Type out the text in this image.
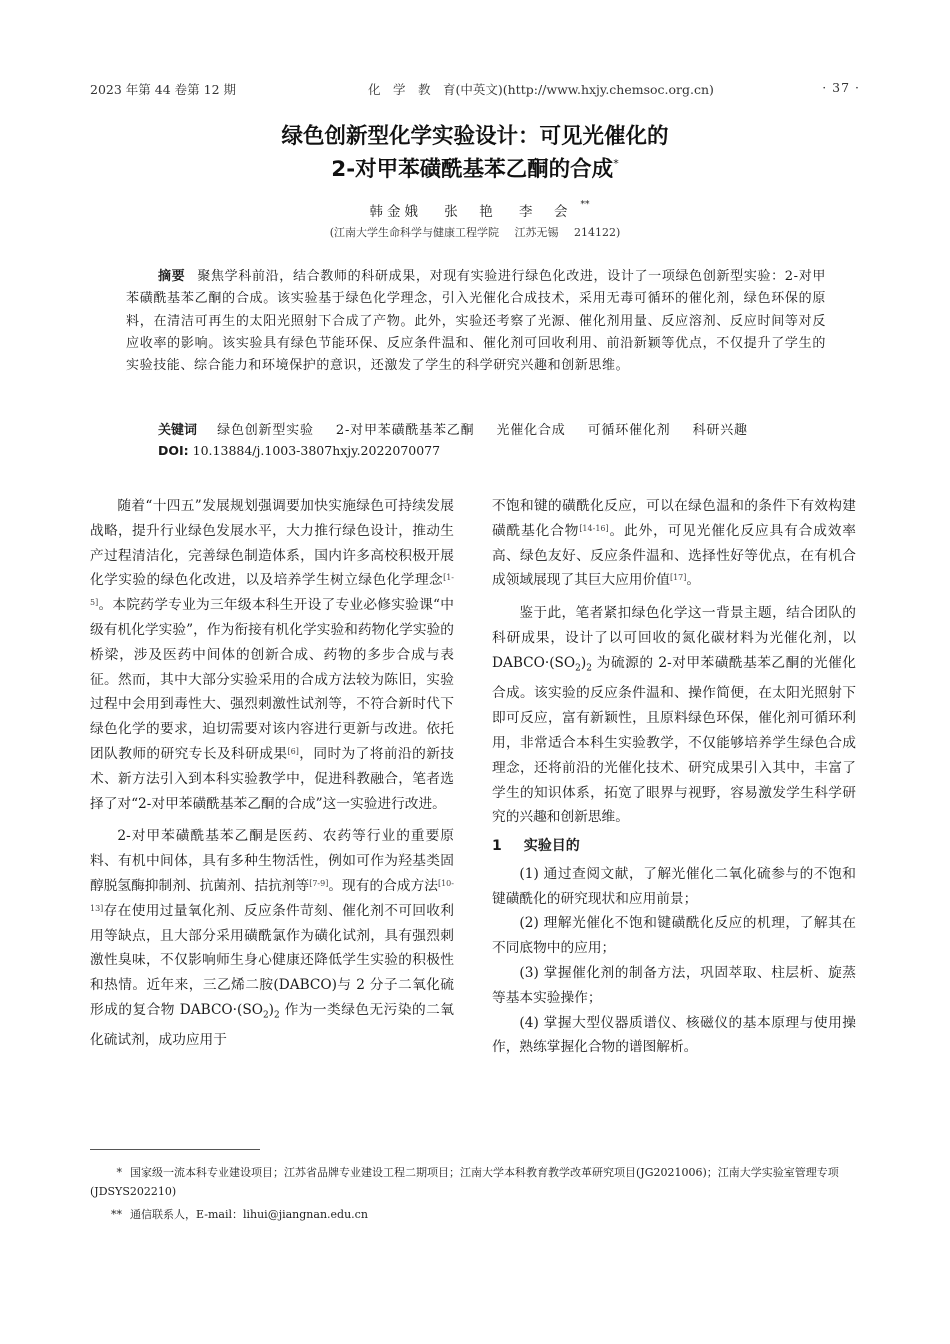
2023 年第 44 卷第 12 期	化　学　教　育(中英文)(http://www.hxjy.chemsoc.org.cn)	· 37 ·
绿色创新型化学实验设计：可见光催化的
2-对甲苯磺酰基苯乙酮的合成*
韩金娥 张　艳 李　会 **
(江南大学生命科学与健康工程学院 江苏无锡 214122)
摘要 聚焦学科前沿，结合教师的科研成果，对现有实验进行绿色化改进，设计了一项绿色创新型实验：2-对甲苯磺酰基苯乙酮的合成。该实验基于绿色化学理念，引入光催化合成技术，采用无毒可循环的催化剂，绿色环保的原料，在清洁可再生的太阳光照射下合成了产物。此外，实验还考察了光源、催化剂用量、反应溶剂、反应时间等对反应收率的影响。该实验具有绿色节能环保、反应条件温和、催化剂可回收利用、前沿新颖等优点，不仅提升了学生的实验技能、综合能力和环境保护的意识，还激发了学生的科学研究兴趣和创新思维。
关键词 绿色创新型实验 2-对甲苯磺酰基苯乙酮 光催化合成 可循环催化剂 科研兴趣
DOI: 10.13884/j.1003-3807hxjy.2022070077

随着“十四五”发展规划强调要加快实施绿色可持续发展战略，提升行业绿色发展水平，大力推行绿色设计，推动生产过程清洁化，完善绿色制造体系，国内许多高校积极开展化学实验的绿色化改进，以及培养学生树立绿色化学理念[1-5]。本院药学专业为三年级本科生开设了专业必修实验课“中级有机化学实验”，作为衔接有机化学实验和药物化学实验的桥梁，涉及医药中间体的创新合成、药物的多步合成与表征。然而，其中大部分实验采用的合成方法较为陈旧，实验过程中会用到毒性大、强烈刺激性试剂等，不符合新时代下绿色化学的要求，迫切需要对该内容进行更新与改进。依托团队教师的研究专长及科研成果[6]，同时为了将前沿的新技术、新方法引入到本科实验教学中，促进科教融合，笔者选择了对“2-对甲苯磺酰基苯乙酮的合成”这一实验进行改进。

2-对甲苯磺酰基苯乙酮是医药、农药等行业的重要原料、有机中间体，具有多种生物活性，例如可作为羟基类固醇脱氢酶抑制剂、抗菌剂、拮抗剂等[7-9]。现有的合成方法[10-13]存在使用过量氧化剂、反应条件苛刻、催化剂不可回收利用等缺点，且大部分采用磺酰氯作为磺化试剂，具有强烈刺激性臭味，不仅影响师生身心健康还降低学生实验的积极性和热情。近年来，三乙烯二胺(DABCO)与 2 分子二氧化硫形成的复合物 $DABCO\cdot(SO_2)_2$ 作为一类绿色无污染的二氧化硫试剂，成功应用于

不饱和键的磺酰化反应，可以在绿色温和的条件下有效构建磺酰基化合物[14-16]。此外，可见光催化反应具有合成效率高、绿色友好、反应条件温和、选择性好等优点，在有机合成领域展现了其巨大应用价值[17]。

鉴于此，笔者紧扣绿色化学这一背景主题，结合团队的科研成果，设计了以可回收的氮化碳材料为光催化剂，以 $DABCO\cdot(SO_2)_2$ 为硫源的 2-对甲苯磺酰基苯乙酮的光催化合成。该实验的反应条件温和、操作简便，在太阳光照射下即可反应，富有新颖性，且原料绿色环保，催化剂可循环利用，非常适合本科生实验教学，不仅能够培养学生绿色合成理念，还将前沿的光催化技术、研究成果引入其中，丰富了学生的知识体系，拓宽了眼界与视野，容易激发学生科学研究的兴趣和创新思维。

1 实验目的

(1) 通过查阅文献，了解光催化二氧化硫参与的不饱和键磺酰化的研究现状和应用前景；

(2) 理解光催化不饱和键磺酰化反应的机理，了解其在不同底物中的应用；

(3) 掌握催化剂的制备方法，巩固萃取、柱层析、旋蒸等基本实验操作；

(4) 掌握大型仪器质谱仪、核磁仪的基本原理与使用操作，熟练掌握化合物的谱图解析。

* 国家级一流本科专业建设项目；江苏省品牌专业建设工程二期项目；江南大学本科教育教学改革研究项目(JG2021006)；江南大学实验室管理专项(JDSYS202210)
** 通信联系人，E-mail：lihui@jiangnan.edu.cn
